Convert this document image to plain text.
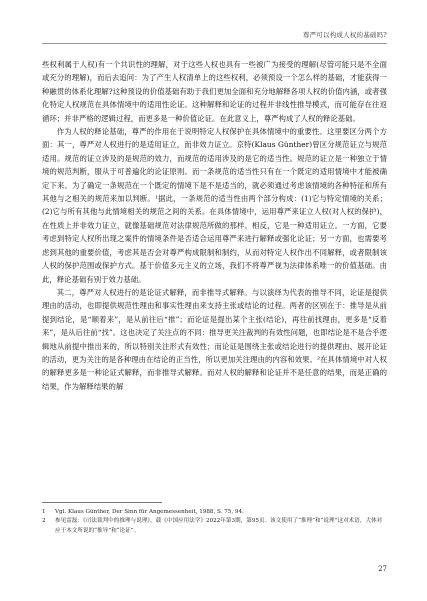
尊严可以构成人权的基础吗?

些权利属于人权)有一个共识性的理解，对于这些人权也具有一些被广为接受的理解(尽管可能只是不全面或充分的理解)，而后去追问：为了产生人权清单上的这些权利，必须预设一个怎么样的基础，才能获得一种融贯的体系化理解?这种预设的价值基础有助于我们更加全面和充分地解释各项人权的价值内涵，或者强化特定人权规范在具体情境中的适用性论证。这种解释和论证的过程并非线性推导模式，而可能存在往返循环；并非严格的逻辑过程，而更多是一种价值论证。在此意义上，尊严构成了人权的释论基础。

作为人权的释论基础，尊严的作用在于说明特定人权保护在具体情境中的重要性。这里要区分两个方面：其一，尊严对人权进行的是适用证立，而非效力证立。京特(Klaus Günther)曾区分规范证立与规范适用。规范的证立涉及的是规范的效力，而规范的适用涉及的是它的适当性。规范的证立是一种独立于情境的规范判断，服从于可普遍化的论证原则。而一条规范的适当性只有在一个既定的适用情境中才能被确定下来。为了确定一条规范在一个既定的情境下是不是适当的，就必须通过考虑该情境的各种特征和所有其他与之相关的规范来加以判断。¹据此，一条规范的适当性由两个部分构成：(1)它与特定情境的关系；(2)它与所有其他与此情境相关的规范之间的关系。在具体情境中，运用尊严来证立人权(对人权的保护)，在性质上并非效力证立，就像基础规范对法律规范所做的那样。相反，它是一种适用证立。一方面，它要考虑到特定人权所出现之案件的情境条件是否适合运用尊严来进行解释或强化论证；另一方面，也需要考虑到其他的重要价值，考虑其是否会对尊严构成限制和制约，从而对特定人权作出不同解释，或者限制该人权的保护范围或保护方式。基于价值多元主义的立场，我们不将尊严视为法律体系唯一的价值基础。由此，释论基础有别于效力基础。

其二，尊严对人权进行的是论证式解释，而非推导式解释。与以演绎为代表的推导不同，论证是提供理由的活动，也即提供规范性理由和事实性理由来支持主张或结论的过程。两者的区别在于：推导是从前提到结论，是“顺着来”，是从前往后“推”；而论证是提出某个主张(结论)，再往前找理由，更多是“反着来”，是从后往前“找”。这也决定了关注点的不同：推导更关注裁判的有效性问题，也即结论是不是合乎逻辑地从前提中推出来的，所以特别关注形式有效性；而论证是围绕主张或结论进行的提供理由、展开论证的活动，更为关注的是各种理由在结论的正当性，所以更加关注理由的内容和效果。²在具体情境中对人权的解释更多是一种论证式解释，而非推导式解释。而对人权的解释和论证并不是任意的结果，而是正确的结果，作为解释结果的解

1	Vgl. Klaus Günther, Der Sinn für Angemessenheit, 1988, S. 75, 94.
2	参见雷磊：《司法裁判中的推理与说理》，载《中国应用法学》2022年第3期，第95页。该文使用了“推理”和“说理”这对术语，大体对应于本文所说的“推导”和“论证”。
27
